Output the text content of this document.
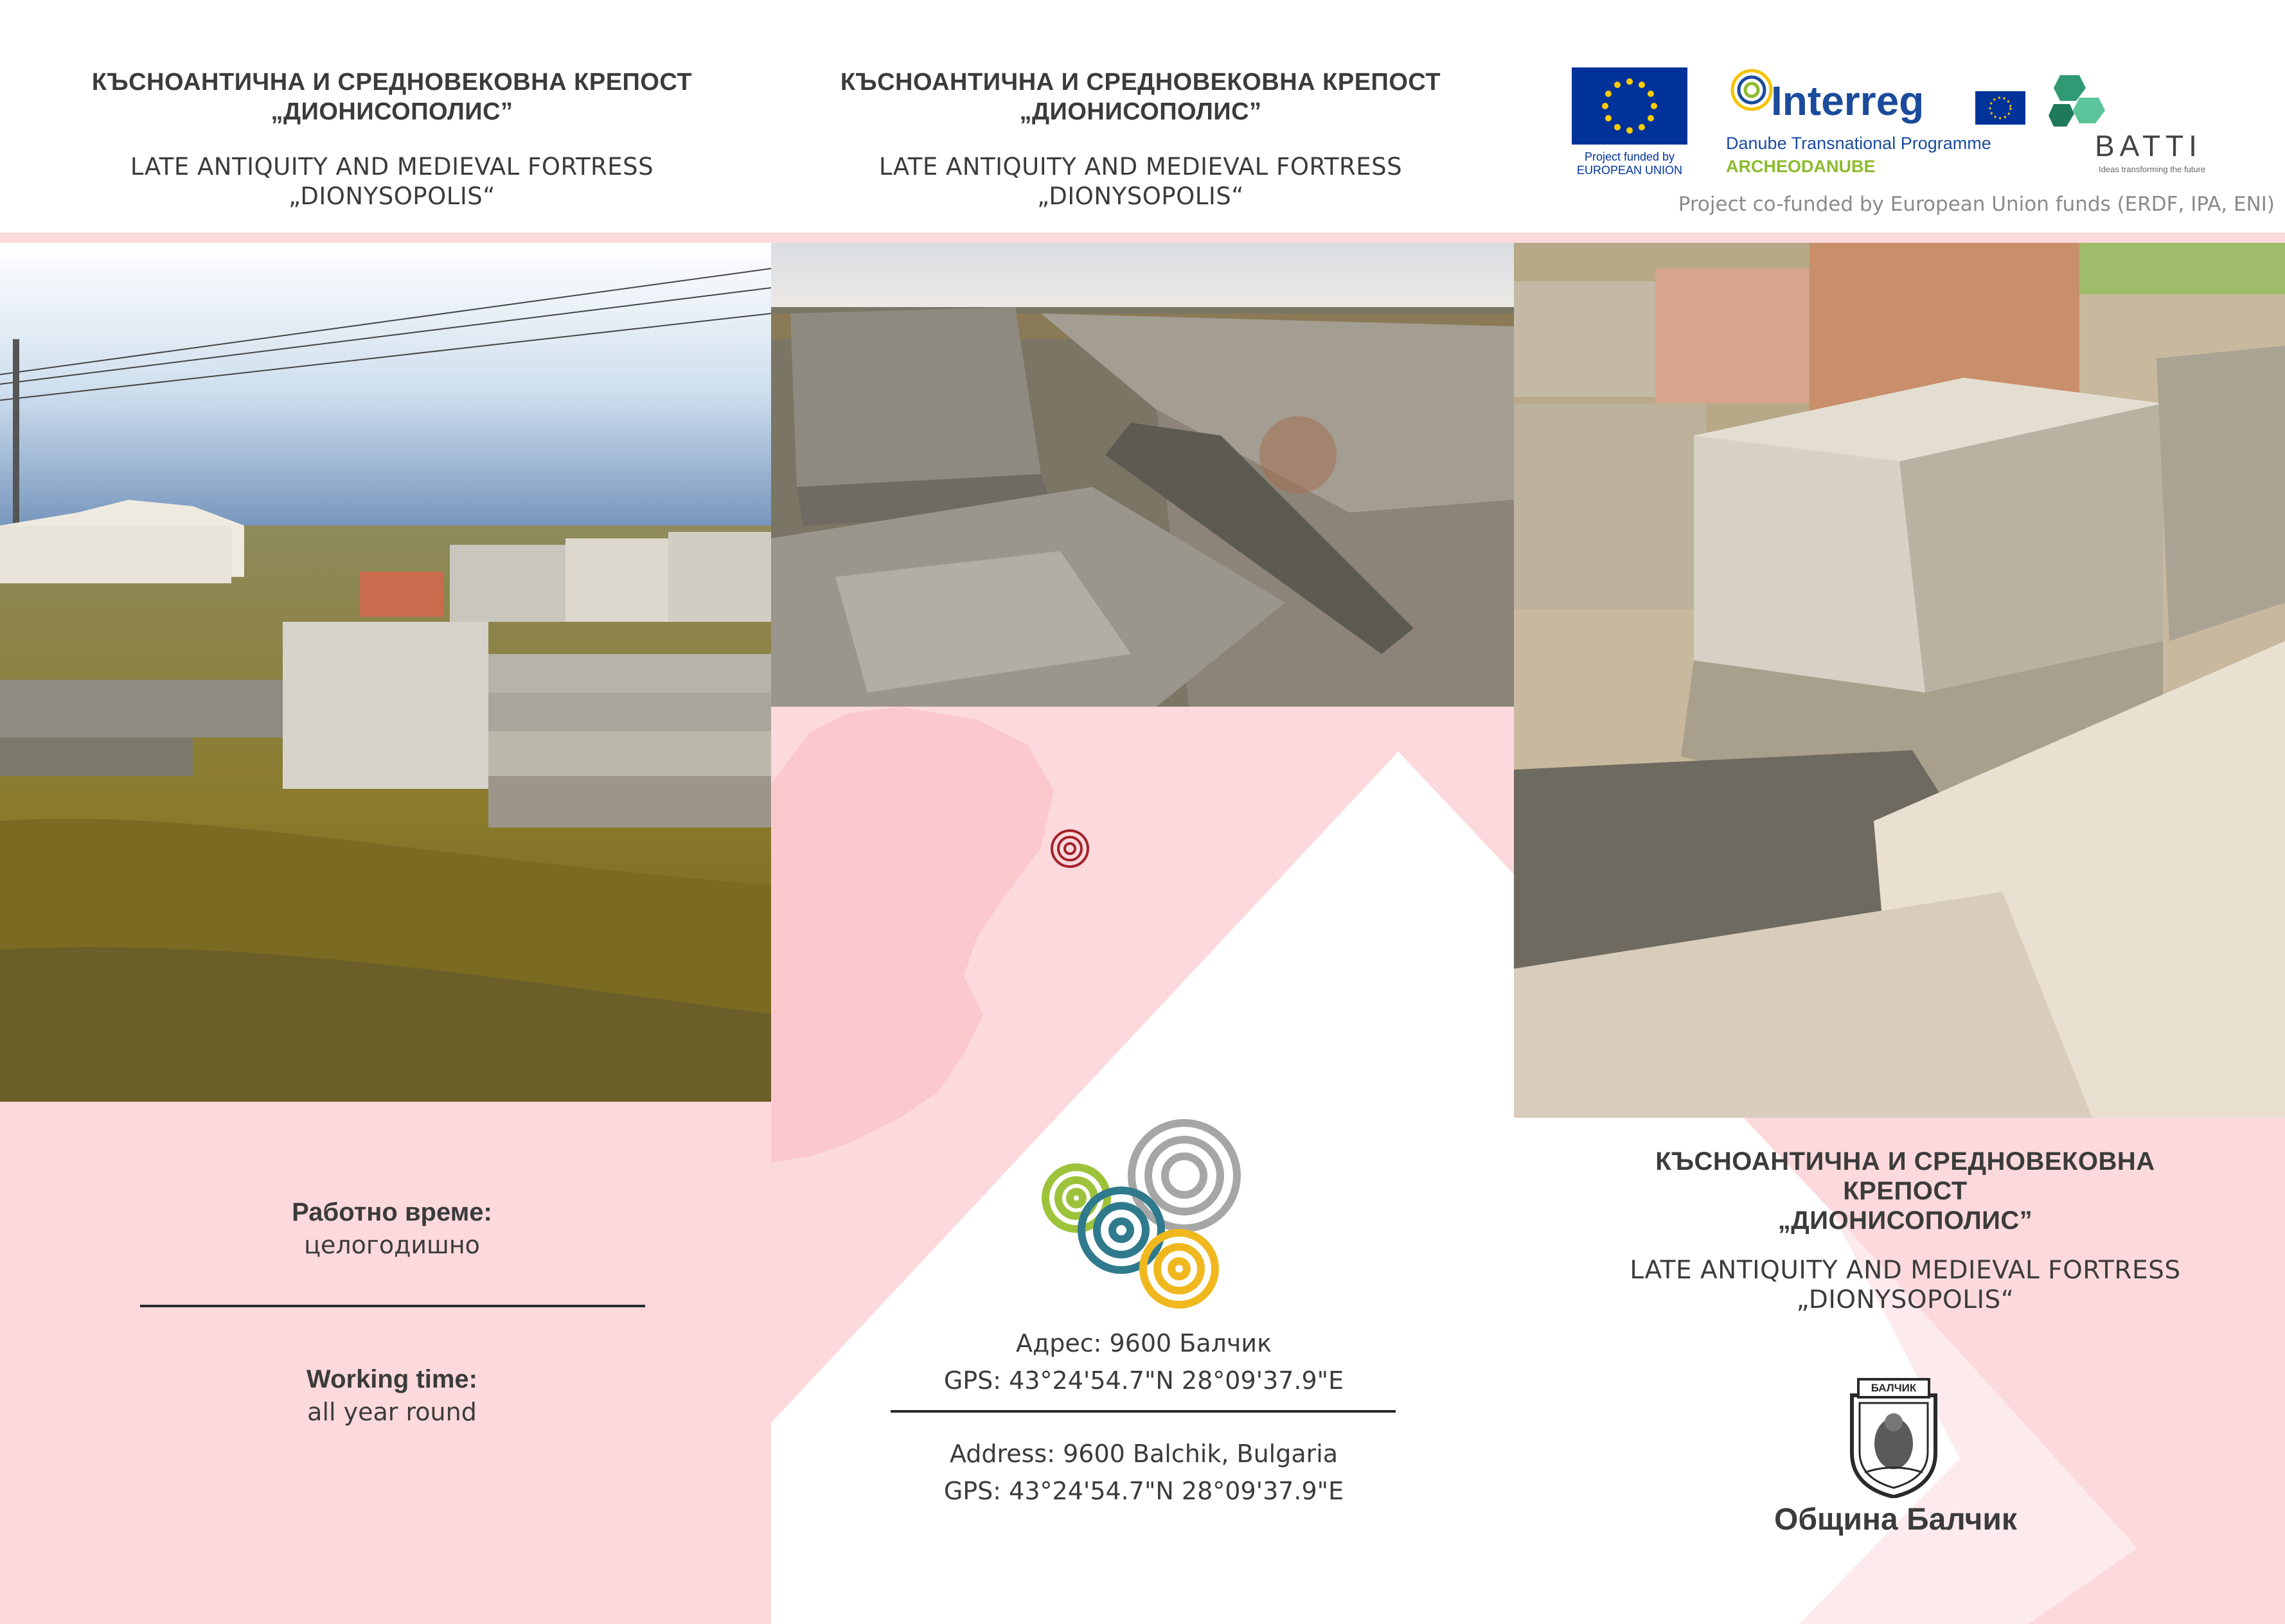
КЪСНОАНТИЧНА И СРЕДНОВЕКОВНА КРЕПОСТ
„ДИОНИСОПОЛИС”
LATE ANTIQUITY AND MEDIEVAL FORTRESS
„DIONYSOPOLIS“
КЪСНОАНТИЧНА И СРЕДНОВЕКОВНА КРЕПОСТ
„ДИОНИСОПОЛИС”
LATE ANTIQUITY AND MEDIEVAL FORTRESS
„DIONYSOPOLIS“
Project funded by
EUROPEAN UNION
Interreg
Danube Transnational Programme
ARCHEODANUBE
BATTI
Ideas transforming the future
Project co-funded by European Union funds (ERDF, IPA, ENI)
Работно време:
целогодишно
Working time:
all year round
Адрес: 9600 Балчик
GPS: 43°24'54.7"N 28°09'37.9"E
Address: 9600 Balchik, Bulgaria
GPS: 43°24'54.7"N 28°09'37.9"E
КЪСНОАНТИЧНА И СРЕДНОВЕКОВНА
КРЕПОСТ
„ДИОНИСОПОЛИС”
LATE ANTIQUITY AND MEDIEVAL FORTRESS
„DIONYSOPOLIS“
БАЛЧИК
Община Балчик
